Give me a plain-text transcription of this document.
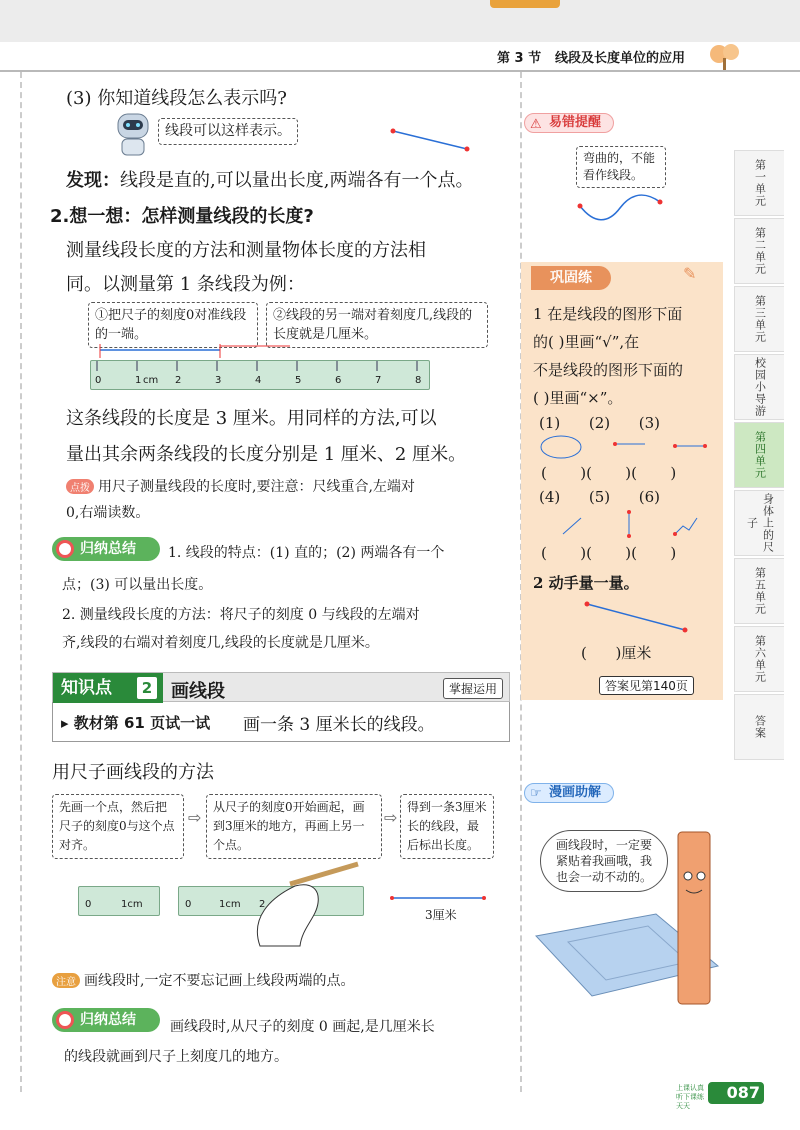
第 3 节 线段及长度单位的应用
(3) 你知道线段怎么表示吗?
线段可以这样表示。
发现：线段是直的,可以量出长度,两端各有一个点。
2.想一想：怎样测量线段的长度?
测量线段长度的方法和测量物体长度的方法相
同。以测量第 1 条线段为例：
①把尺子的刻度0对准线段的一端。
②线段的另一端对着刻度几,线段的长度就是几厘米。
0	1 cm 2	3	4	5	6	7	8
这条线段的长度是 3 厘米。用同样的方法,可以
量出其余两条线段的长度分别是 1 厘米、2 厘米。
点拨 用尺子测量线段的长度时,要注意：尺线重合,左端对
0,右端读数。
归纳总结	1. 线段的特点：(1) 直的；(2) 两端各有一个
点；(3) 可以量出长度。
2. 测量线段长度的方法：将尺子的刻度 0 与线段的左端对
齐,线段的右端对着刻度几,线段的长度就是几厘米。
知识点	2 画线段	掌握运用
▸ 教材第 61 页试一试 画一条 3 厘米长的线段。
用尺子画线段的方法
先画一个点，然后把尺子的刻度0与这个点对齐。
⇨
从尺子的刻度0开始画起，画到3厘米的地方，再画上另一个点。
⇨
得到一条3厘米长的线段，最后标出长度。
0	1cm	0	1cm 2
3厘米
注意 画线段时,一定不要忘记画上线段两端的点。
归纳总结	画线段时,从尺子的刻度 0 画起,是几厘米长
的线段就画到尺子上刻度几的地方。
⚠ 易错提醒
弯曲的，不能看作线段。
巩固练	✎
1 在是线段的图形下面
的( )里画“√”,在
不是线段的图形下面的
( )里画“×”。
(1)      (2)      (3)
(       )(       )(       )
(4)      (5)      (6)
(       )(       )(       )
2 动手量一量。
(      )厘米
答案见第140页
☞ 漫画助解
画线段时，一定要紧贴着我画哦，我也会一动不动的。
第一单元
第二单元
第三单元
校园小导游
第四单元
身体上的尺子
第五单元
第六单元
答案
上课认真听下课练天天
087
